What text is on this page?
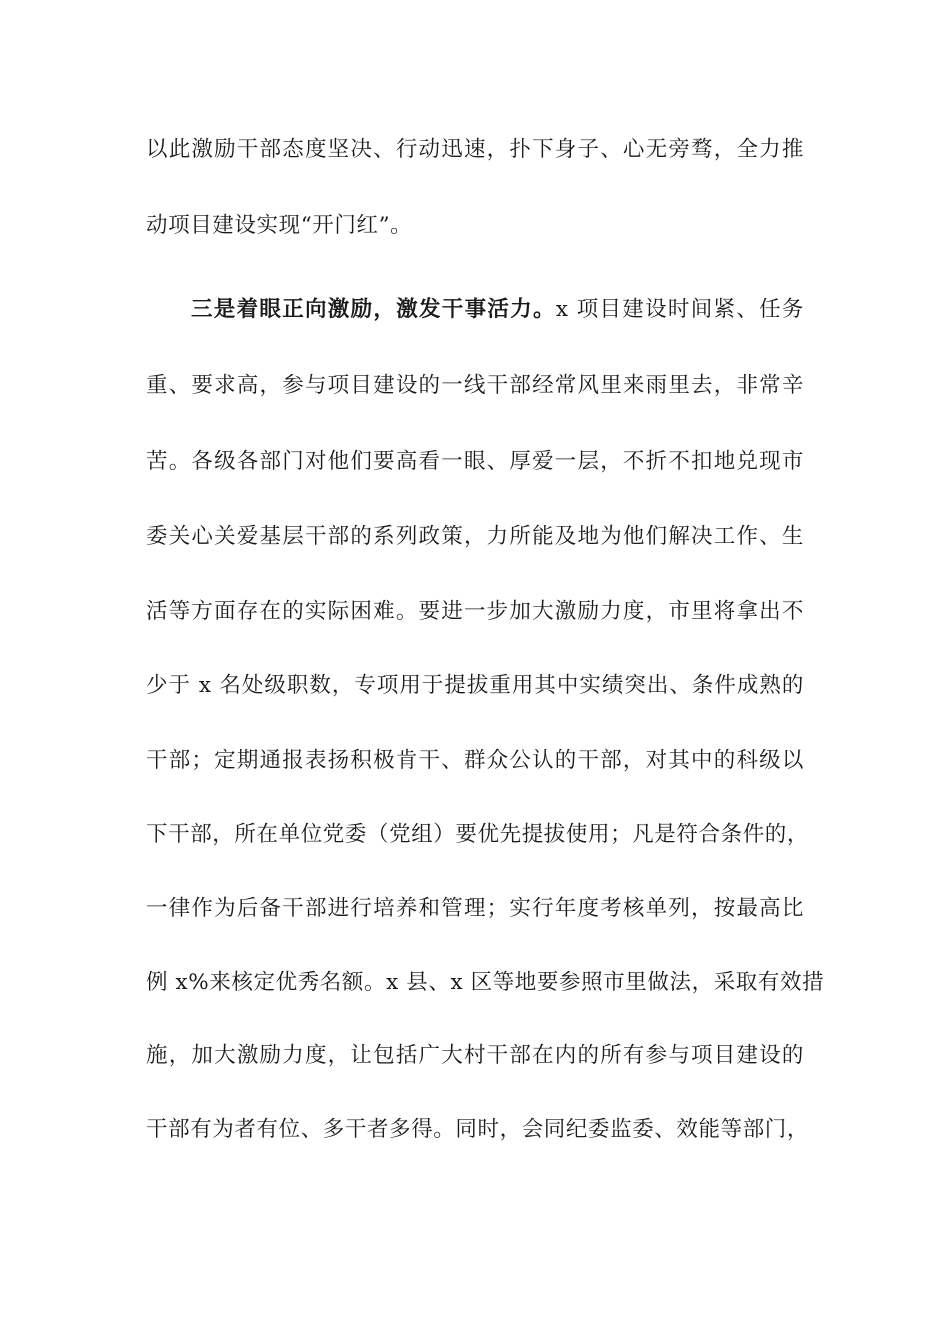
以此激励干部态度坚决、行动迅速，扑下身子、心无旁骛，全力推
动项目建设实现“开门红”。
三是着眼正向激励，激发干事活力。x 项目建设时间紧、任务
重、要求高，参与项目建设的一线干部经常风里来雨里去，非常辛
苦。各级各部门对他们要高看一眼、厚爱一层，不折不扣地兑现市
委关心关爱基层干部的系列政策，力所能及地为他们解决工作、生
活等方面存在的实际困难。要进一步加大激励力度，市里将拿出不
少于 x 名处级职数，专项用于提拔重用其中实绩突出、条件成熟的
干部；定期通报表扬积极肯干、群众公认的干部，对其中的科级以
下干部，所在单位党委（党组）要优先提拔使用；凡是符合条件的，
一律作为后备干部进行培养和管理；实行年度考核单列，按最高比
例 x%来核定优秀名额。x 县、x 区等地要参照市里做法，采取有效措
施，加大激励力度，让包括广大村干部在内的所有参与项目建设的
干部有为者有位、多干者多得。同时，会同纪委监委、效能等部门，
